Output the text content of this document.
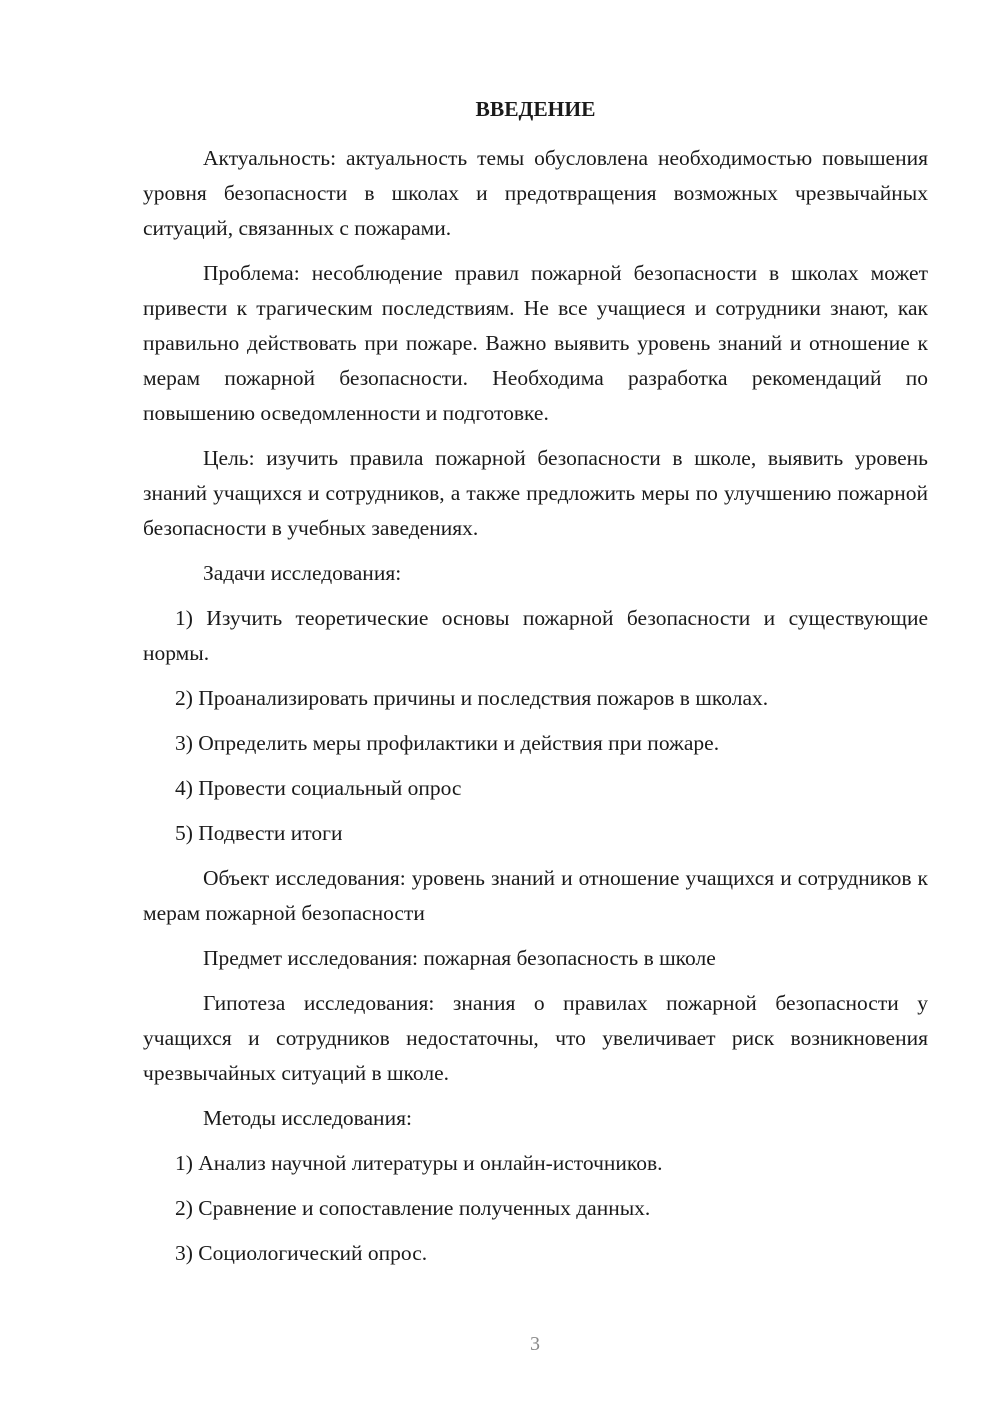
ВВЕДЕНИЕ
Актуальность: актуальность темы обусловлена необходимостью повышения уровня безопасности в школах и предотвращения возможных чрезвычайных ситуаций, связанных с пожарами.
Проблема: несоблюдение правил пожарной безопасности в школах может привести к трагическим последствиям. Не все учащиеся и сотрудники знают, как правильно действовать при пожаре. Важно выявить уровень знаний и отношение к мерам пожарной безопасности. Необходима разработка рекомендаций по повышению осведомленности и подготовке.
Цель: изучить правила пожарной безопасности в школе, выявить уровень знаний учащихся и сотрудников, а также предложить меры по улучшению пожарной безопасности в учебных заведениях.
Задачи исследования:
1) Изучить теоретические основы пожарной безопасности и существующие нормы.
2) Проанализировать причины и последствия пожаров в школах.
3) Определить меры профилактики и действия при пожаре.
4) Провести социальный опрос
5) Подвести итоги
Объект исследования: уровень знаний и отношение учащихся и сотрудников к мерам пожарной безопасности
Предмет исследования: пожарная безопасность в школе
Гипотеза исследования: знания о правилах пожарной безопасности у учащихся и сотрудников недостаточны, что увеличивает риск возникновения чрезвычайных ситуаций в школе.
Методы исследования:
1) Анализ научной литературы и онлайн-источников.
2) Сравнение и сопоставление полученных данных.
3) Социологический опрос.
3
